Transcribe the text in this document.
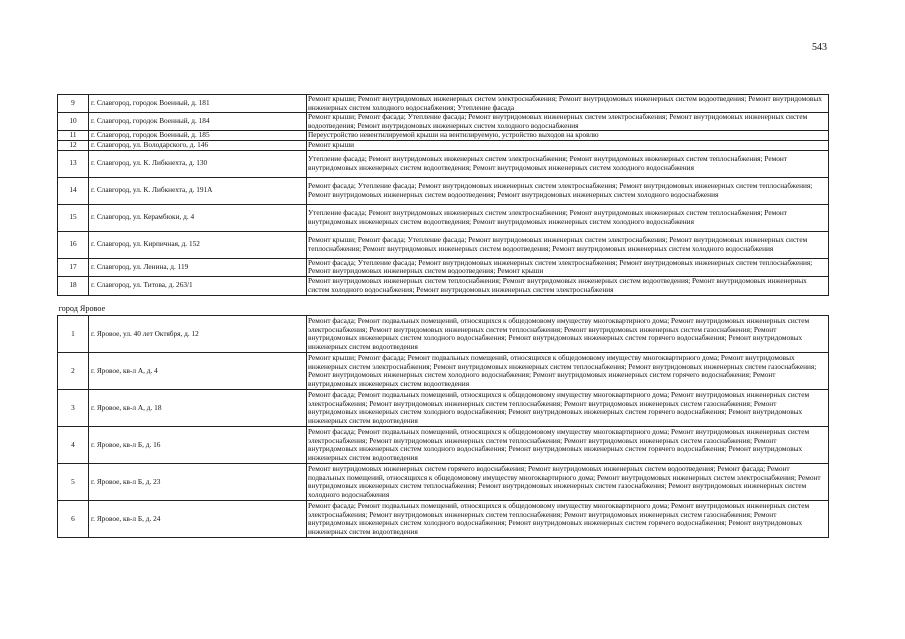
543
9	г. Славгород, городок Военный, д. 181	Ремонт крыши; Ремонт внутридомовых инженерных систем электроснабжения; Ремонт внутридомовых инженерных систем водоотведения; Ремонт внутридомовых инженерных систем холодного водоснабжения; Утепление фасада
10	г. Славгород, городок Военный, д. 184	Ремонт крыши; Ремонт фасада; Утепление фасада; Ремонт внутридомовых инженерных систем электроснабжения; Ремонт внутридомовых инженерных систем водоотведения; Ремонт внутридомовых инженерных систем холодного водоснабжения
11	г. Славгород, городок Военный, д. 185	Переустройство невентилируемой крыши на вентилируемую, устройство выходов на кровлю
12	г. Славгород, ул. Володарского, д. 146	Ремонт крыши
13	г. Славгород, ул. К. Либкнехта, д. 130	Утепление фасада; Ремонт внутридомовых инженерных систем электроснабжения; Ремонт внутридомовых инженерных систем теплоснабжения; Ремонт внутридомовых инженерных систем водоотведения; Ремонт внутридомовых инженерных систем холодного водоснабжения
14	г. Славгород, ул. К. Либкнехта, д. 191А	Ремонт фасада; Утепление фасада; Ремонт внутридомовых инженерных систем электроснабжения; Ремонт внутридомовых инженерных систем теплоснабжения; Ремонт внутридомовых инженерных систем водоотведения; Ремонт внутридомовых инженерных систем холодного водоснабжения
15	г. Славгород, ул. Керамбюки, д. 4	Утепление фасада; Ремонт внутридомовых инженерных систем электроснабжения; Ремонт внутридомовых инженерных систем теплоснабжения; Ремонт внутридомовых инженерных систем водоотведения; Ремонт внутридомовых инженерных систем холодного водоснабжения
16	г. Славгород, ул. Кирпичная, д. 152	Ремонт крыши; Ремонт фасада; Утепление фасада; Ремонт внутридомовых инженерных систем электроснабжения; Ремонт внутридомовых инженерных систем теплоснабжения; Ремонт внутридомовых инженерных систем водоотведения; Ремонт внутридомовых инженерных систем холодного водоснабжения
17	г. Славгород, ул. Ленина, д. 119	Ремонт фасада; Утепление фасада; Ремонт внутридомовых инженерных систем электроснабжения; Ремонт внутридомовых инженерных систем теплоснабжения; Ремонт внутридомовых инженерных систем водоотведения; Ремонт крыши
18	г. Славгород, ул. Титова, д. 263/1	Ремонт внутридомовых инженерных систем теплоснабжения; Ремонт внутридомовых инженерных систем водоотведения; Ремонт внутридомовых инженерных систем холодного водоснабжения; Ремонт внутридомовых инженерных систем электроснабжения
город Яровое		
1	г. Яровое, ул. 40 лет Октября, д. 12	Ремонт фасада; Ремонт подвальных помещений, относящихся к общедомовому имуществу многоквартирного дома; Ремонт внутридомовых инженерных систем электроснабжения; Ремонт внутридомовых инженерных систем теплоснабжения; Ремонт внутридомовых инженерных систем газоснабжения; Ремонт внутридомовых инженерных систем холодного водоснабжения; Ремонт внутридомовых инженерных систем горячего водоснабжения; Ремонт внутридомовых инженерных систем водоотведения
2	г. Яровое, кв-л А, д. 4	Ремонт крыши; Ремонт фасада; Ремонт подвальных помещений, относящихся к общедомовому имуществу многоквартирного дома; Ремонт внутридомовых инженерных систем электроснабжения; Ремонт внутридомовых инженерных систем теплоснабжения; Ремонт внутридомовых инженерных систем газоснабжения; Ремонт внутридомовых инженерных систем холодного водоснабжения; Ремонт внутридомовых инженерных систем горячего водоснабжения; Ремонт внутридомовых инженерных систем водоотведения
3	г. Яровое, кв-л А, д. 18	Ремонт фасада; Ремонт подвальных помещений, относящихся к общедомовому имуществу многоквартирного дома; Ремонт внутридомовых инженерных систем электроснабжения; Ремонт внутридомовых инженерных систем теплоснабжения; Ремонт внутридомовых инженерных систем газоснабжения; Ремонт внутридомовых инженерных систем холодного водоснабжения; Ремонт внутридомовых инженерных систем горячего водоснабжения; Ремонт внутридомовых инженерных систем водоотведения
4	г. Яровое, кв-л Б, д. 16	Ремонт фасада; Ремонт подвальных помещений, относящихся к общедомовому имуществу многоквартирного дома; Ремонт внутридомовых инженерных систем электроснабжения; Ремонт внутридомовых инженерных систем теплоснабжения; Ремонт внутридомовых инженерных систем газоснабжения; Ремонт внутридомовых инженерных систем холодного водоснабжения; Ремонт внутридомовых инженерных систем горячего водоснабжения; Ремонт внутридомовых инженерных систем водоотведения
5	г. Яровое, кв-л Б, д. 23	Ремонт внутридомовых инженерных систем горячего водоснабжения; Ремонт внутридомовых инженерных систем водоотведения; Ремонт фасада; Ремонт подвальных помещений, относящихся к общедомовому имуществу многоквартирного дома; Ремонт внутридомовых инженерных систем электроснабжения; Ремонт внутридомовых инженерных систем теплоснабжения; Ремонт внутридомовых инженерных систем газоснабжения; Ремонт внутридомовых инженерных систем холодного водоснабжения
6	г. Яровое, кв-л Б, д. 24	Ремонт фасада; Ремонт подвальных помещений, относящихся к общедомовому имуществу многоквартирного дома; Ремонт внутридомовых инженерных систем электроснабжения; Ремонт внутридомовых инженерных систем теплоснабжения; Ремонт внутридомовых инженерных систем газоснабжения; Ремонт внутридомовых инженерных систем холодного водоснабжения; Ремонт внутридомовых инженерных систем горячего водоснабжения; Ремонт внутридомовых инженерных систем водоотведения
